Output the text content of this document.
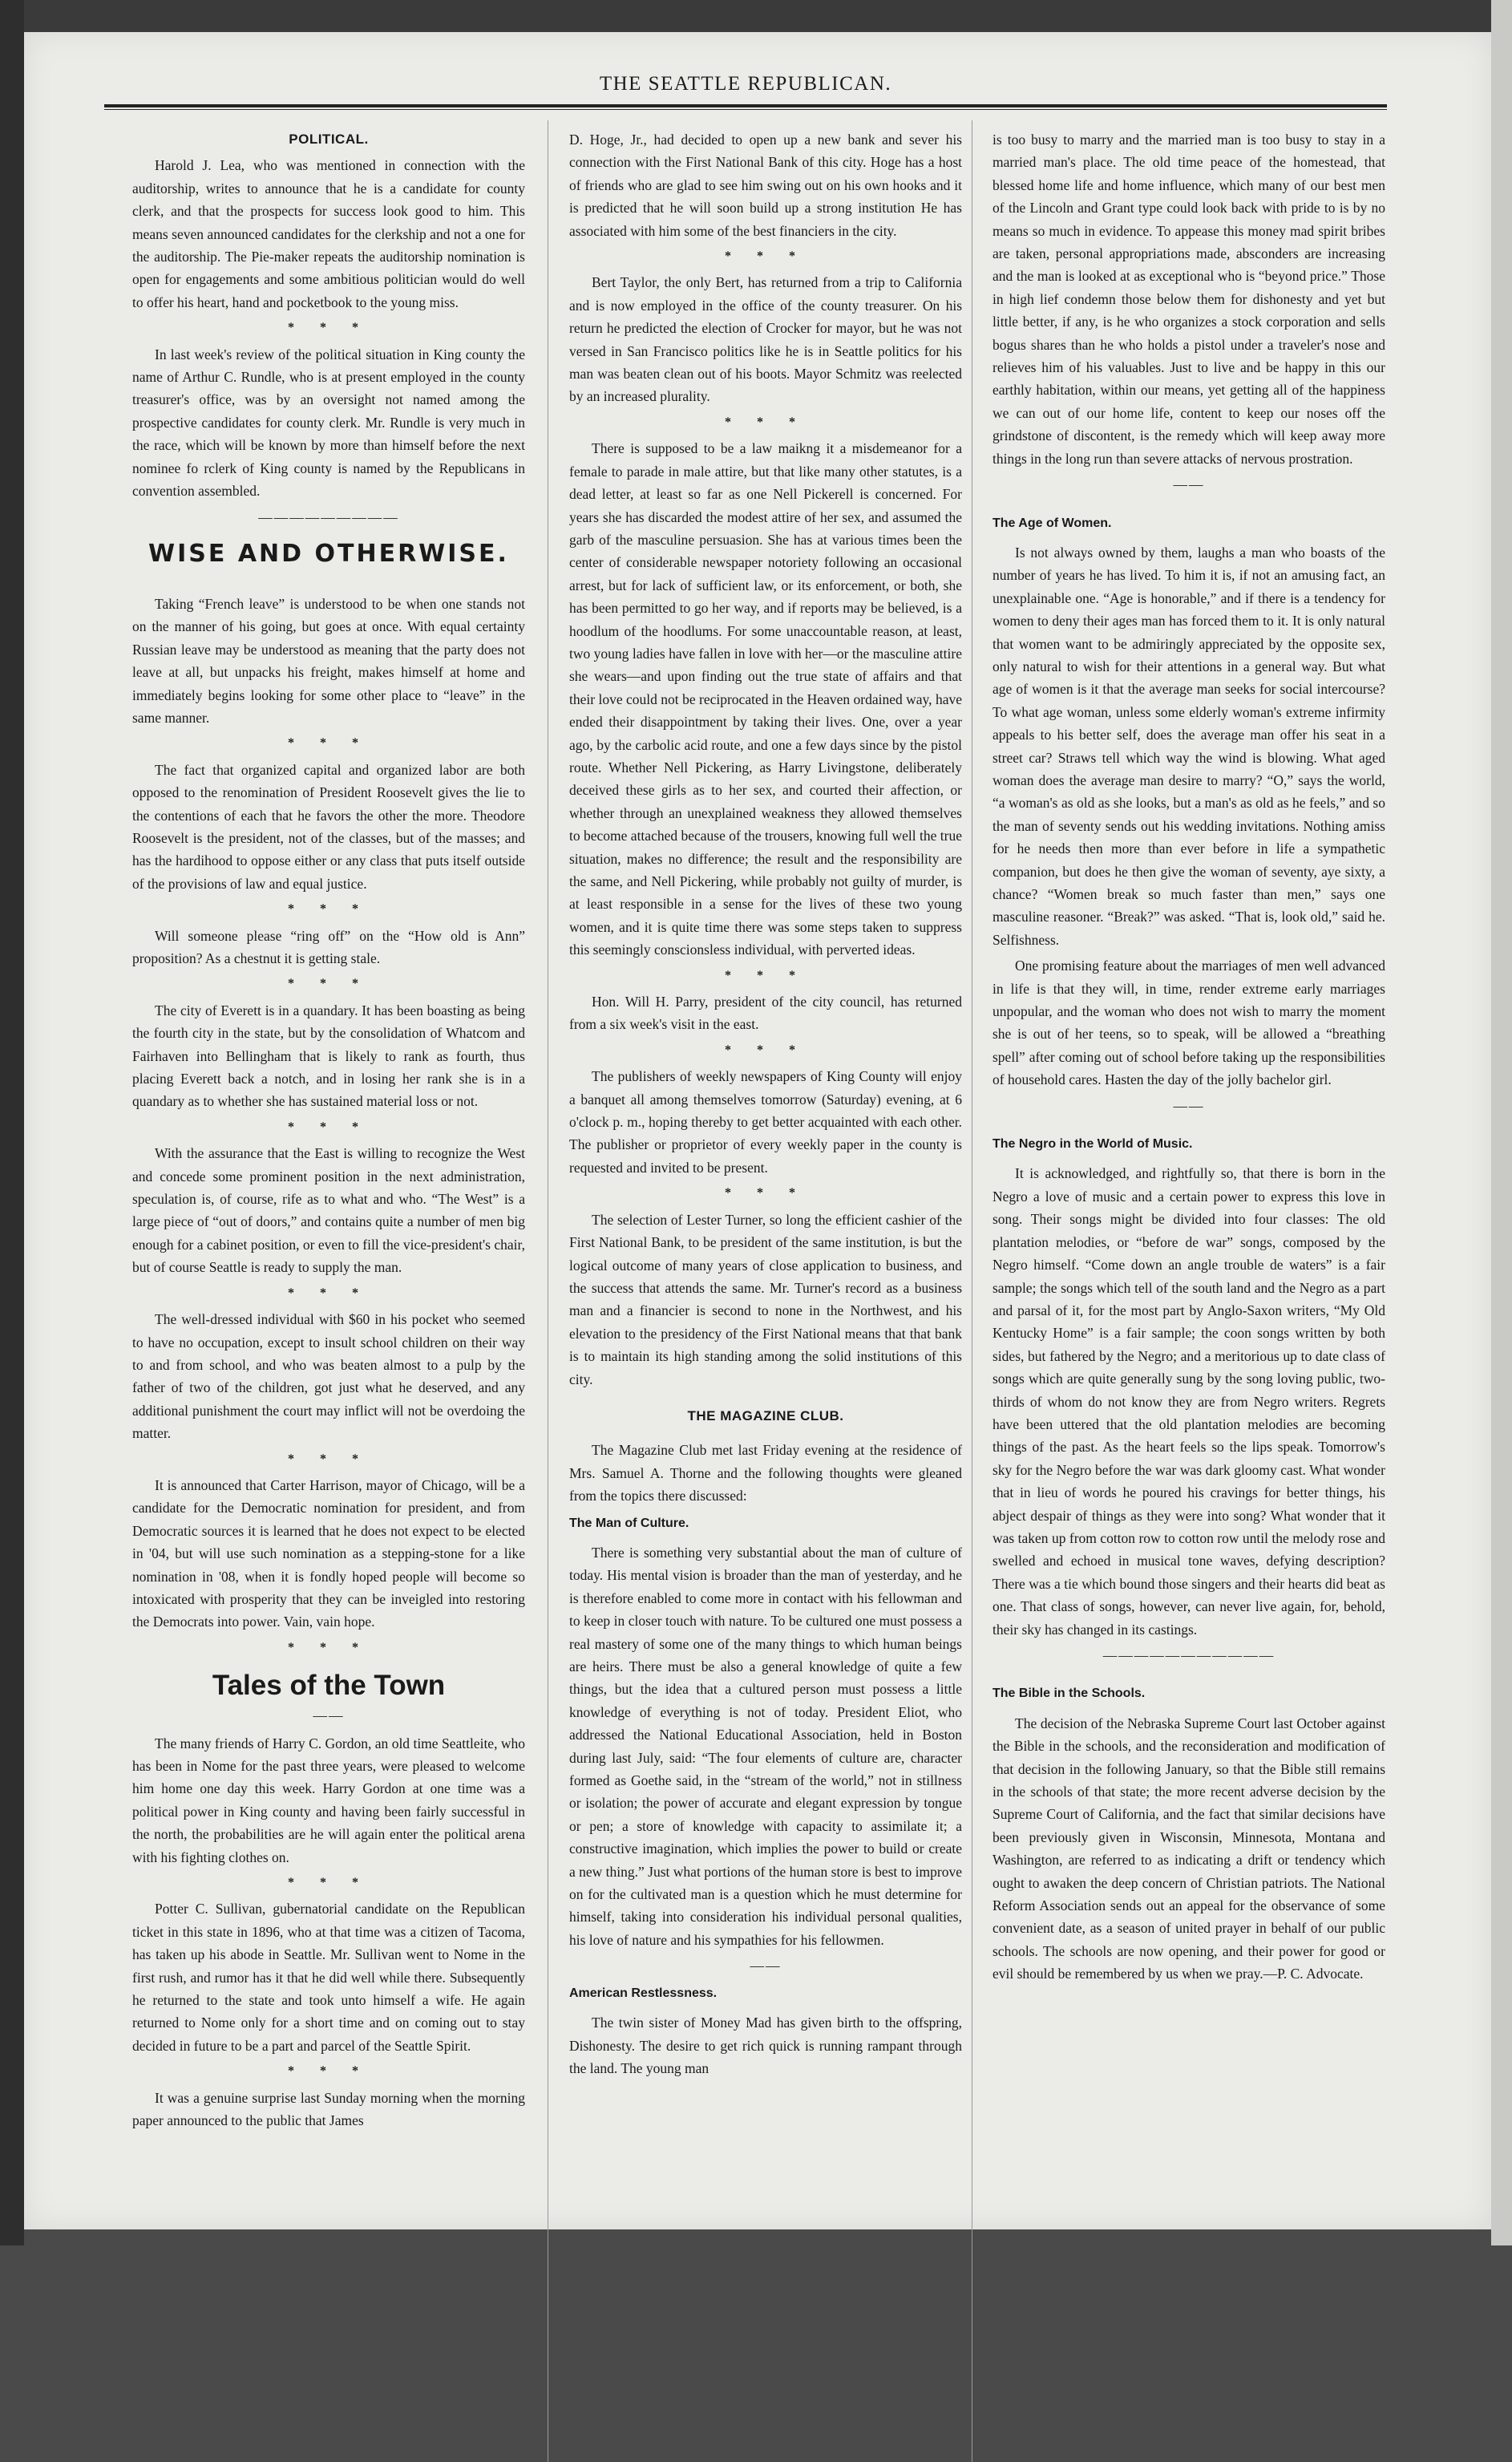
THE SEATTLE REPUBLICAN.
POLITICAL.

Harold J. Lea, who was mentioned in connection with the auditorship, writes to announce that he is a candidate for county clerk, and that the prospects for success look good to him. This means seven announced candidates for the clerkship and not a one for the auditorship. The Pie-maker repeats the auditorship nomination is open for engagements and some ambitious politician would do well to offer his heart, hand and pocketbook to the young miss.

* * *

In last week's review of the political situation in King county the name of Arthur C. Rundle, who is at present employed in the county treasurer's office, was by an oversight not named among the prospective candidates for county clerk. Mr. Rundle is very much in the race, which will be known by more than himself before the next nominee fo rclerk of King county is named by the Republicans in convention assembled.

—————————
WISE AND OTHERWISE.

Taking “French leave” is understood to be when one stands not on the manner of his going, but goes at once. With equal certainty Russian leave may be understood as meaning that the party does not leave at all, but unpacks his freight, makes himself at home and immediately begins looking for some other place to “leave” in the same manner.

* * *

The fact that organized capital and organized labor are both opposed to the renomination of President Roosevelt gives the lie to the contentions of each that he favors the other the more. Theodore Roosevelt is the president, not of the classes, but of the masses; and has the hardihood to oppose either or any class that puts itself outside of the provisions of law and equal justice.

* * *

Will someone please “ring off” on the “How old is Ann” proposition? As a chestnut it is getting stale.

* * *

The city of Everett is in a quandary. It has been boasting as being the fourth city in the state, but by the consolidation of Whatcom and Fairhaven into Bellingham that is likely to rank as fourth, thus placing Everett back a notch, and in losing her rank she is in a quandary as to whether she has sustained material loss or not.

* * *

With the assurance that the East is willing to recognize the West and concede some prominent position in the next administration, speculation is, of course, rife as to what and who. “The West” is a large piece of “out of doors,” and contains quite a number of men big enough for a cabinet position, or even to fill the vice-president's chair, but of course Seattle is ready to supply the man.

* * *

The well-dressed individual with $60 in his pocket who seemed to have no occupation, except to insult school children on their way to and from school, and who was beaten almost to a pulp by the father of two of the children, got just what he deserved, and any additional punishment the court may inflict will not be overdoing the matter.

* * *

It is announced that Carter Harrison, mayor of Chicago, will be a candidate for the Democratic nomination for president, and from Democratic sources it is learned that he does not expect to be elected in '04, but will use such nomination as a stepping-stone for a like nomination in '08, when it is fondly hoped people will become so intoxicated with prosperity that they can be inveigled into restoring the Democrats into power. Vain, vain hope.

* * *
Tales of the Town
——

The many friends of Harry C. Gordon, an old time Seattleite, who has been in Nome for the past three years, were pleased to welcome him home one day this week. Harry Gordon at one time was a political power in King county and having been fairly successful in the north, the probabilities are he will again enter the political arena with his fighting clothes on.

* * *

Potter C. Sullivan, gubernatorial candidate on the Republican ticket in this state in 1896, who at that time was a citizen of Tacoma, has taken up his abode in Seattle. Mr. Sullivan went to Nome in the first rush, and rumor has it that he did well while there. Subsequently he returned to the state and took unto himself a wife. He again returned to Nome only for a short time and on coming out to stay decided in future to be a part and parcel of the Seattle Spirit.

* * *

It was a genuine surprise last Sunday morning when the morning paper announced to the public that James

D. Hoge, Jr., had decided to open up a new bank and sever his connection with the First National Bank of this city. Hoge has a host of friends who are glad to see him swing out on his own hooks and it is predicted that he will soon build up a strong institution He has associated with him some of the best financiers in the city.

* * *

Bert Taylor, the only Bert, has returned from a trip to California and is now employed in the office of the county treasurer. On his return he predicted the election of Crocker for mayor, but he was not versed in San Francisco politics like he is in Seattle politics for his man was beaten clean out of his boots. Mayor Schmitz was reelected by an increased plurality.

* * *

There is supposed to be a law maikng it a misdemeanor for a female to parade in male attire, but that like many other statutes, is a dead letter, at least so far as one Nell Pickerell is concerned. For years she has discarded the modest attire of her sex, and assumed the garb of the masculine persuasion. She has at various times been the center of considerable newspaper notoriety following an occasional arrest, but for lack of sufficient law, or its enforcement, or both, she has been permitted to go her way, and if reports may be believed, is a hoodlum of the hoodlums. For some unaccountable reason, at least, two young ladies have fallen in love with her—or the masculine attire she wears—and upon finding out the true state of affairs and that their love could not be reciprocated in the Heaven ordained way, have ended their disappointment by taking their lives. One, over a year ago, by the carbolic acid route, and one a few days since by the pistol route. Whether Nell Pickering, as Harry Livingstone, deliberately deceived these girls as to her sex, and courted their affection, or whether through an unexplained weakness they allowed themselves to become attached because of the trousers, knowing full well the true situation, makes no difference; the result and the responsibility are the same, and Nell Pickering, while probably not guilty of murder, is at least responsible in a sense for the lives of these two young women, and it is quite time there was some steps taken to suppress this seemingly conscionsless individual, with perverted ideas.

* * *

Hon. Will H. Parry, president of the city council, has returned from a six week's visit in the east.

* * *

The publishers of weekly newspapers of King County will enjoy a banquet all among themselves tomorrow (Saturday) evening, at 6 o'clock p. m., hoping thereby to get better acquainted with each other. The publisher or proprietor of every weekly paper in the county is requested and invited to be present.

* * *

The selection of Lester Turner, so long the efficient cashier of the First National Bank, to be president of the same institution, is but the logical outcome of many years of close application to business, and the success that attends the same. Mr. Turner's record as a business man and a financier is second to none in the Northwest, and his elevation to the presidency of the First National means that that bank is to maintain its high standing among the solid institutions of this city.

THE MAGAZINE CLUB.

The Magazine Club met last Friday evening at the residence of Mrs. Samuel A. Thorne and the following thoughts were gleaned from the topics there discussed:

The Man of Culture.

There is something very substantial about the man of culture of today. His mental vision is broader than the man of yesterday, and he is therefore enabled to come more in contact with his fellowman and to keep in closer touch with nature. To be cultured one must possess a real mastery of some one of the many things to which human beings are heirs. There must be also a general knowledge of quite a few things, but the idea that a cultured person must possess a little knowledge of everything is not of today. President Eliot, who addressed the National Educational Association, held in Boston during last July, said: “The four elements of culture are, character formed as Goethe said, in the “stream of the world,” not in stillness or isolation; the power of accurate and elegant expression by tongue or pen; a store of knowledge with capacity to assimilate it; a constructive imagination, which implies the power to build or create a new thing.” Just what portions of the human store is best to improve on for the cultivated man is a question which he must determine for himself, taking into consideration his individual personal qualities, his love of nature and his sympathies for his fellowmen.

——
American Restlessness.

The twin sister of Money Mad has given birth to the offspring, Dishonesty. The desire to get rich quick is running rampant through the land. The young man

is too busy to marry and the married man is too busy to stay in a married man's place. The old time peace of the homestead, that blessed home life and home influence, which many of our best men of the Lincoln and Grant type could look back with pride to is by no means so much in evidence. To appease this money mad spirit bribes are taken, personal appropriations made, absconders are increasing and the man is looked at as exceptional who is “beyond price.” Those in high lief condemn those below them for dishonesty and yet but little better, if any, is he who organizes a stock corporation and sells bogus shares than he who holds a pistol under a traveler's nose and relieves him of his valuables. Just to live and be happy in this our earthly habitation, within our means, yet getting all of the happiness we can out of our home life, content to keep our noses off the grindstone of discontent, is the remedy which will keep away more things in the long run than severe attacks of nervous prostration.

——
The Age of Women.

Is not always owned by them, laughs a man who boasts of the number of years he has lived. To him it is, if not an amusing fact, an unexplainable one. “Age is honorable,” and if there is a tendency for women to deny their ages man has forced them to it. It is only natural that women want to be admiringly appreciated by the opposite sex, only natural to wish for their attentions in a general way. But what age of women is it that the average man seeks for social intercourse? To what age woman, unless some elderly woman's extreme infirmity appeals to his better self, does the average man offer his seat in a street car? Straws tell which way the wind is blowing. What aged woman does the average man desire to marry? “O,” says the world, “a woman's as old as she looks, but a man's as old as he feels,” and so the man of seventy sends out his wedding invitations. Nothing amiss for he needs then more than ever before in life a sympathetic companion, but does he then give the woman of seventy, aye sixty, a chance? “Women break so much faster than men,” says one masculine reasoner. “Break?” was asked. “That is, look old,” said he. Selfishness.

One promising feature about the marriages of men well advanced in life is that they will, in time, render extreme early marriages unpopular, and the woman who does not wish to marry the moment she is out of her teens, so to speak, will be allowed a “breathing spell” after coming out of school before taking up the responsibilities of household cares. Hasten the day of the jolly bachelor girl.

——
The Negro in the World of Music.

It is acknowledged, and rightfully so, that there is born in the Negro a love of music and a certain power to express this love in song. Their songs might be divided into four classes: The old plantation melodies, or “before de war” songs, composed by the Negro himself. “Come down an angle trouble de waters” is a fair sample; the songs which tell of the south land and the Negro as a part and parsal of it, for the most part by Anglo-Saxon writers, “My Old Kentucky Home” is a fair sample; the coon songs written by both sides, but fathered by the Negro; and a meritorious up to date class of songs which are quite generally sung by the song loving public, two-thirds of whom do not know they are from Negro writers. Regrets have been uttered that the old plantation melodies are becoming things of the past. As the heart feels so the lips speak. Tomorrow's sky for the Negro before the war was dark gloomy cast. What wonder that in lieu of words he poured his cravings for better things, his abject despair of things as they were into song? What wonder that it was taken up from cotton row to cotton row until the melody rose and swelled and echoed in musical tone waves, defying description? There was a tie which bound those singers and their hearts did beat as one. That class of songs, however, can never live again, for, behold, their sky has changed in its castings.

———————————
The Bible in the Schools.

The decision of the Nebraska Supreme Court last October against the Bible in the schools, and the reconsideration and modification of that decision in the following January, so that the Bible still remains in the schools of that state; the more recent adverse decision by the Supreme Court of California, and the fact that similar decisions have been previously given in Wisconsin, Minnesota, Montana and Washington, are referred to as indicating a drift or tendency which ought to awaken the deep concern of Christian patriots. The National Reform Association sends out an appeal for the observance of some convenient date, as a season of united prayer in behalf of our public schools. The schools are now opening, and their power for good or evil should be remembered by us when we pray.—P. C. Advocate.
